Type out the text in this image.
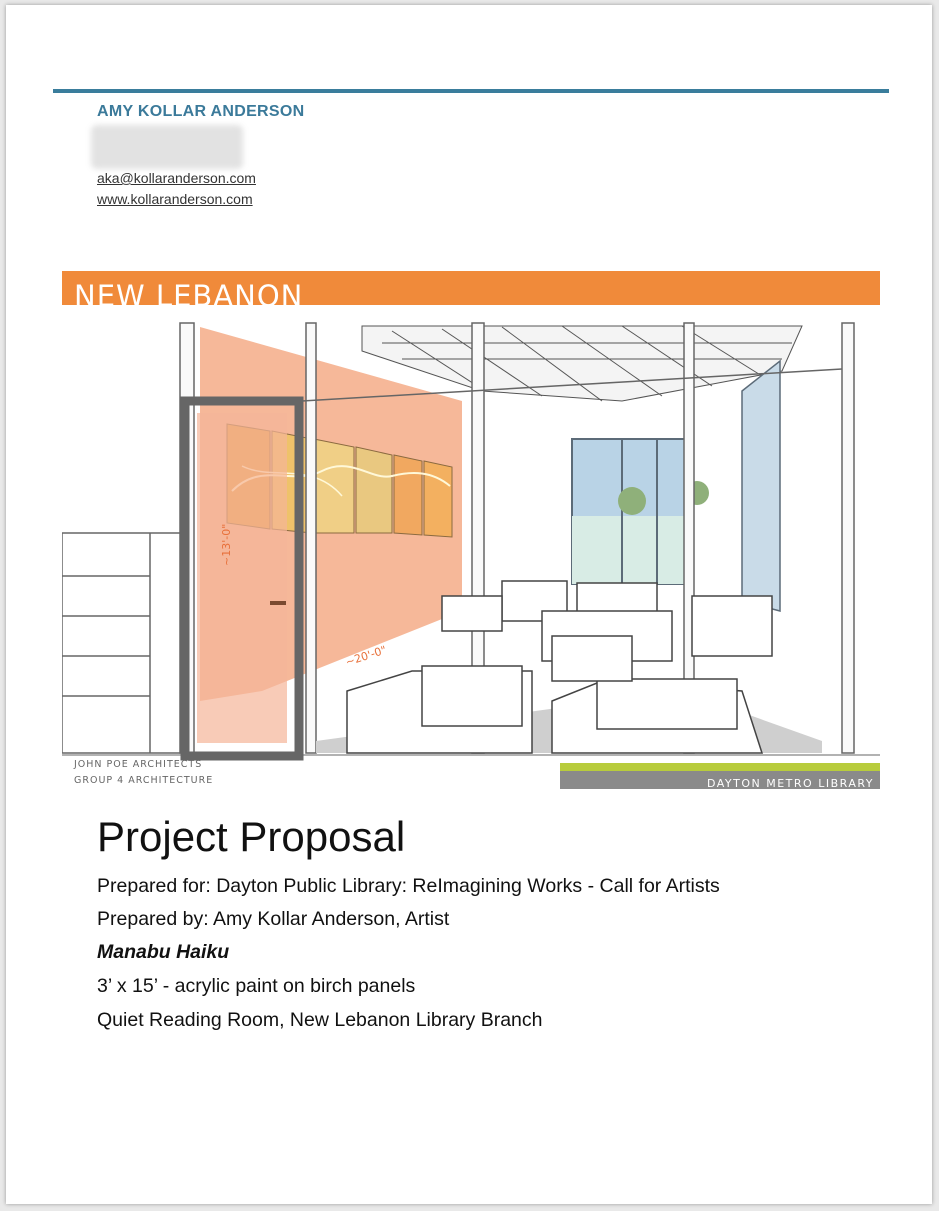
AMY KOLLAR ANDERSON
aka@kollaranderson.com
www.kollaranderson.com
NEW LEBANON
~13'-0"
~20'-0"
JOHN POE ARCHITECTS
GROUP 4 ARCHITECTURE	DAYTON METRO LIBRARY
Project Proposal
Prepared for: Dayton Public Library: ReImagining Works - Call for Artists
Prepared by: Amy Kollar Anderson, Artist
Manabu Haiku
3’ x 15’ - acrylic paint on birch panels
Quiet Reading Room, New Lebanon Library Branch
